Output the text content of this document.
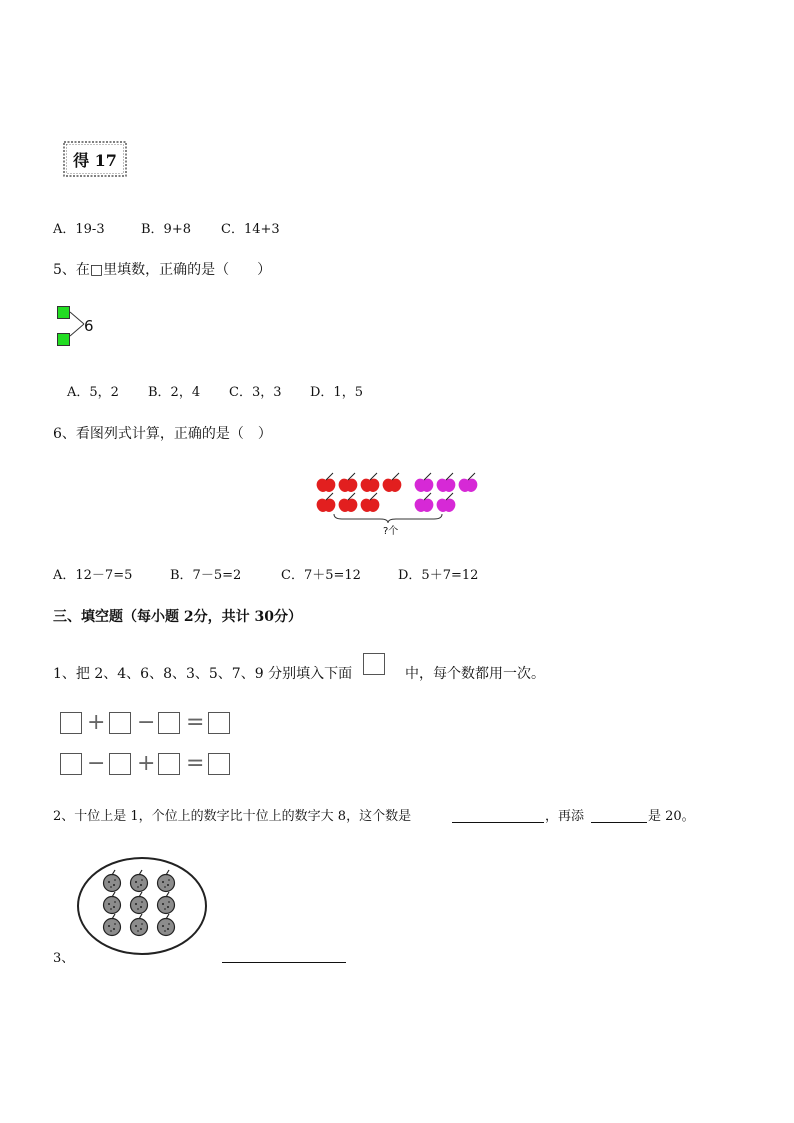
得 17
A．19-3	B．9+8 C．14+3
5、在□里填数，正确的是（　　）
6
A．5，2 B．2，4 C．3，3 D．1，5
6、看图列式计算，正确的是（　）
?个
A．12－7=5	B．7－5=2	C．7＋5=12	D．5＋7=12
三、填空题（每小题 2分，共计 30分）
1、把 2、4、6、8、3、5、7、9 分别填入下面	中，每个数都用一次。
+ − =
− + =
2、十位上是 1，个位上的数字比十位上的数字大 8，这个数是	，再添	是 20。
3、
